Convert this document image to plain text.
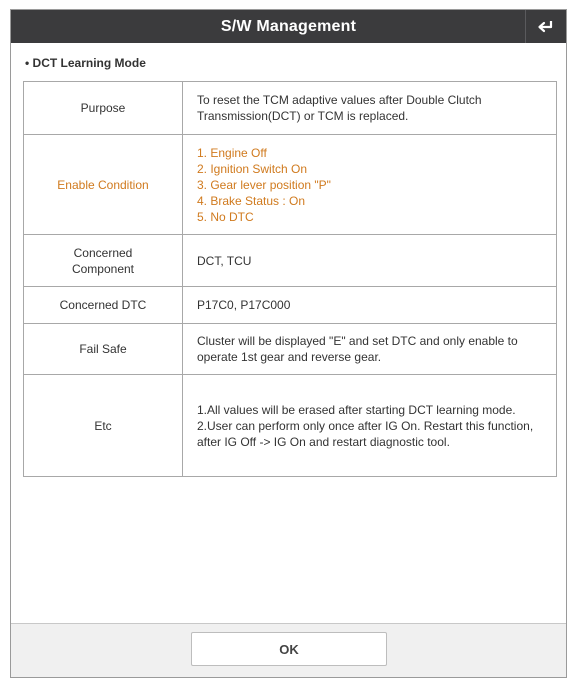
S/W Management
• DCT Learning Mode
Purpose	To reset the TCM adaptive values after Double Clutch Transmission(DCT) or TCM is replaced.

Enable Condition	1. Engine Off
2. Ignition Switch On
3. Gear lever position "P"
4. Brake Status : On
5. No DTC

Concerned Component	DCT, TCU

Concerned DTC	P17C0, P17C000

Fail Safe	Cluster will be displayed "E" and set DTC and only enable to operate 1st gear and reverse gear.

Etc	1.All values will be erased after starting DCT learning mode.
2.User can perform only once after IG On. Restart this function, after IG Off -> IG On and restart diagnostic tool.
OK
